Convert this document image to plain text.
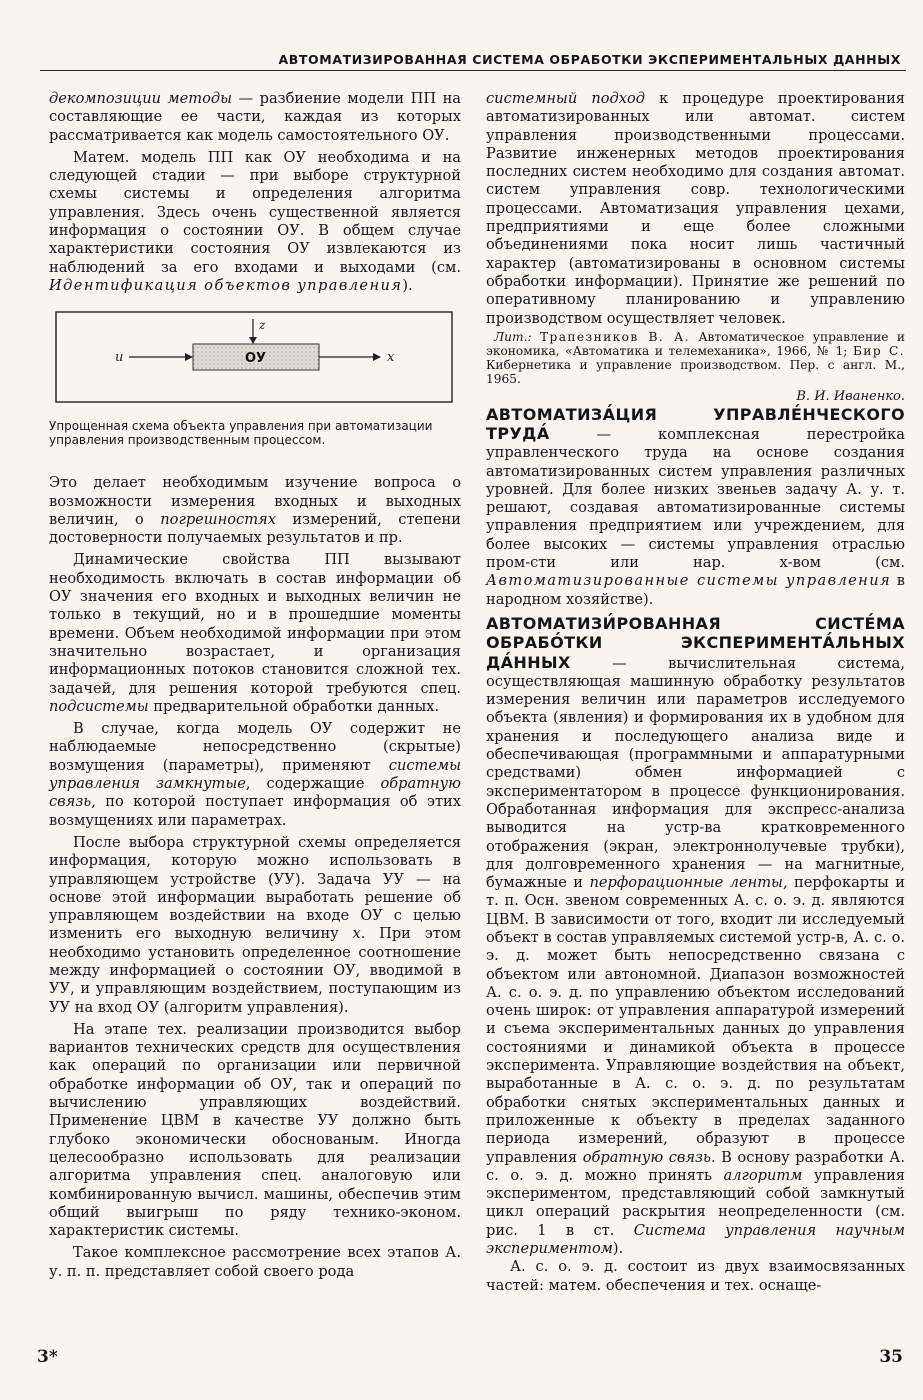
АВТОМАТИЗИРОВАННАЯ СИСТЕМА ОБРАБОТКИ ЭКСПЕРИМЕНТАЛЬНЫХ ДАННЫХ

декомпозиции методы — разбиение модели ПП на составляющие ее части, каждая из которых рассматривается как модель самостоятельного ОУ.

Матем. модель ПП как ОУ необходима и на следующей стадии — при выборе структурной схемы системы и определения алгоритма управления. Здесь очень существенной является информация о состоянии ОУ. В общем случае характеристики состояния ОУ извлекаются из наблюдений за его входами и выходами (см. Идентификация объектов управления).

u	x
z
ОУ

Упрощенная схема объекта управления при автоматизации управления производственным процессом.

Это делает необходимым изучение вопроса о возможности измерения входных и выходных величин, о погрешностях измерений, степени достоверности получаемых результатов и пр.

Динамические свойства ПП вызывают необходимость включать в состав информации об ОУ значения его входных и выходных величин не только в текущий, но и в прошедшие моменты времени. Объем необходимой информации при этом значительно возрастает, и организация информационных потоков становится сложной тех. задачей, для решения которой требуются спец. подсистемы предварительной обработки данных.

В случае, когда модель ОУ содержит не наблюдаемые непосредственно (скрытые) возмущения (параметры), применяют системы управления замкнутые, содержащие обратную связь, по которой поступает информация об этих возмущениях или параметрах.

После выбора структурной схемы определяется информация, которую можно использовать в управляющем устройстве (УУ). Задача УУ — на основе этой информации выработать решение об управляющем воздействии на входе ОУ с целью изменить его выходную величину x. При этом необходимо установить определенное соотношение между информацией о состоянии ОУ, вводимой в УУ, и управляющим воздействием, поступающим из УУ на вход ОУ (алгоритм управления).

На этапе тех. реализации производится выбор вариантов технических средств для осуществления как операций по организации или первичной обработке информации об ОУ, так и операций по вычислению управляющих воздействий. Применение ЦВМ в качестве УУ должно быть глубоко экономически обоснованым. Иногда целесообразно использовать для реализации алгоритма управления спец. аналоговую или комбинированную вычисл. машины, обеспечив этим общий выигрыш по ряду технико-эконом. характеристик системы.

Такое комплексное рассмотрение всех этапов А. у. п. п. представляет собой своего рода

системный подход к процедуре проектирования автоматизированных или автомат. систем управления производственными процессами. Развитие инженерных методов проектирования последних систем необходимо для создания автомат. систем управления совр. технологическими процессами. Автоматизация управления цехами, предприятиями и еще более сложными объединениями пока носит лишь частичный характер (автоматизированы в основном системы обработки информации). Принятие же решений по оперативному планированию и управлению производством осуществляет человек.

Лит.: Трапезников В. А. Автоматическое управление и экономика, «Автоматика и телемеханика», 1966, № 1; Бир С. Кибернетика и управление производством. Пер. с англ. М., 1965.

В. И. Иваненко.

АВТОМАТИЗА́ЦИЯ УПРАВЛЕ́НЧЕСКОГО ТРУДА́ — комплексная перестройка управленческого труда на основе создания автоматизированных систем управления различных уровней. Для более низких звеньев задачу А. у. т. решают, создавая автоматизированные системы управления предприятием или учреждением, для более высоких — системы управления отраслью пром-сти или нар. х-вом (см. Автоматизированные системы управления в народном хозяйстве).

АВТОМАТИЗИ́РОВАННАЯ СИСТЕ́МА ОБРАБО́ТКИ ЭКСПЕРИМЕНТА́ЛЬНЫХ ДА́ННЫХ — вычислительная система, осуществляющая машинную обработку результатов измерения величин или параметров исследуемого объекта (явления) и формирования их в удобном для хранения и последующего анализа виде и обеспечивающая (программными и аппаратурными средствами) обмен информацией с экспериментатором в процессе функционирования. Обработанная информация для экспресс-анализа выводится на устр-ва кратковременного отображения (экран, электроннолучевые трубки), для долговременного хранения — на магнитные, бумажные и перфорационные ленты, перфокарты и т. п. Осн. звеном современных А. с. о. э. д. являются ЦВМ. В зависимости от того, входит ли исследуемый объект в состав управляемых системой устр-в, А. с. о. э. д. может быть непосредственно связана с объектом или автономной. Диапазон возможностей А. с. о. э. д. по управлению объектом исследований очень широк: от управления аппаратурой измерений и съема экспериментальных данных до управления состояниями и динамикой объекта в процессе эксперимента. Управляющие воздействия на объект, выработанные в А. с. о. э. д. по результатам обработки снятых экспериментальных данных и приложенные к объекту в пределах заданного периода измерений, образуют в процессе управления обратную связь. В основу разработки А. с. о. э. д. можно принять алгоритм управления экспериментом, представляющий собой замкнутый цикл операций раскрытия неопределенности (см. рис. 1 в ст. Система управления научным экспериментом).

А. с. о. э. д. состоит из двух взаимосвязанных частей: матем. обеспечения и тех. оснаще-

3*	35
